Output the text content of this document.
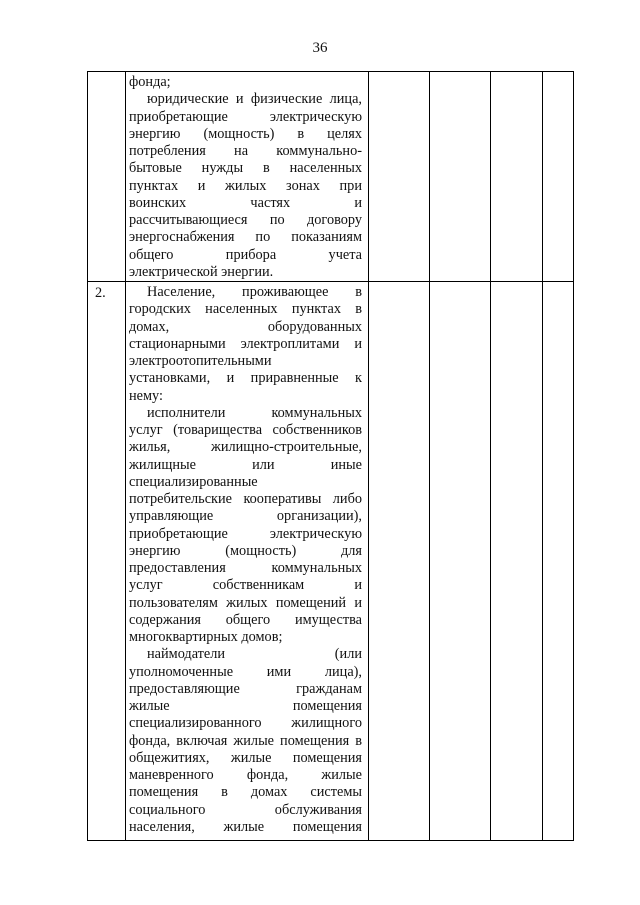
36
2.

фонда;

юридические и физические лица,

приобретающие электрическую

энергию (мощность) в целях

потребления на коммунально-

бытовые нужды в населенных

пунктах и жилых зонах при

воинских частях и

рассчитывающиеся по договору

энергоснабжения по показаниям

общего прибора учета

электрической энергии.

Население, проживающее в

городских населенных пунктах в

домах, оборудованных

стационарными электроплитами и

электроотопительными

установками, и приравненные к

нему:

исполнители коммунальных

услуг (товарищества собственников

жилья, жилищно-строительные,

жилищные или иные

специализированные

потребительские кооперативы либо

управляющие организации),

приобретающие электрическую

энергию (мощность) для

предоставления коммунальных

услуг собственникам и

пользователям жилых помещений и

содержания общего имущества

многоквартирных домов;

наймодатели (или

уполномоченные ими лица),

предоставляющие гражданам

жилые помещения

специализированного жилищного

фонда, включая жилые помещения в

общежитиях, жилые помещения

маневренного фонда, жилые

помещения в домах системы

социального обслуживания

населения, жилые помещения
